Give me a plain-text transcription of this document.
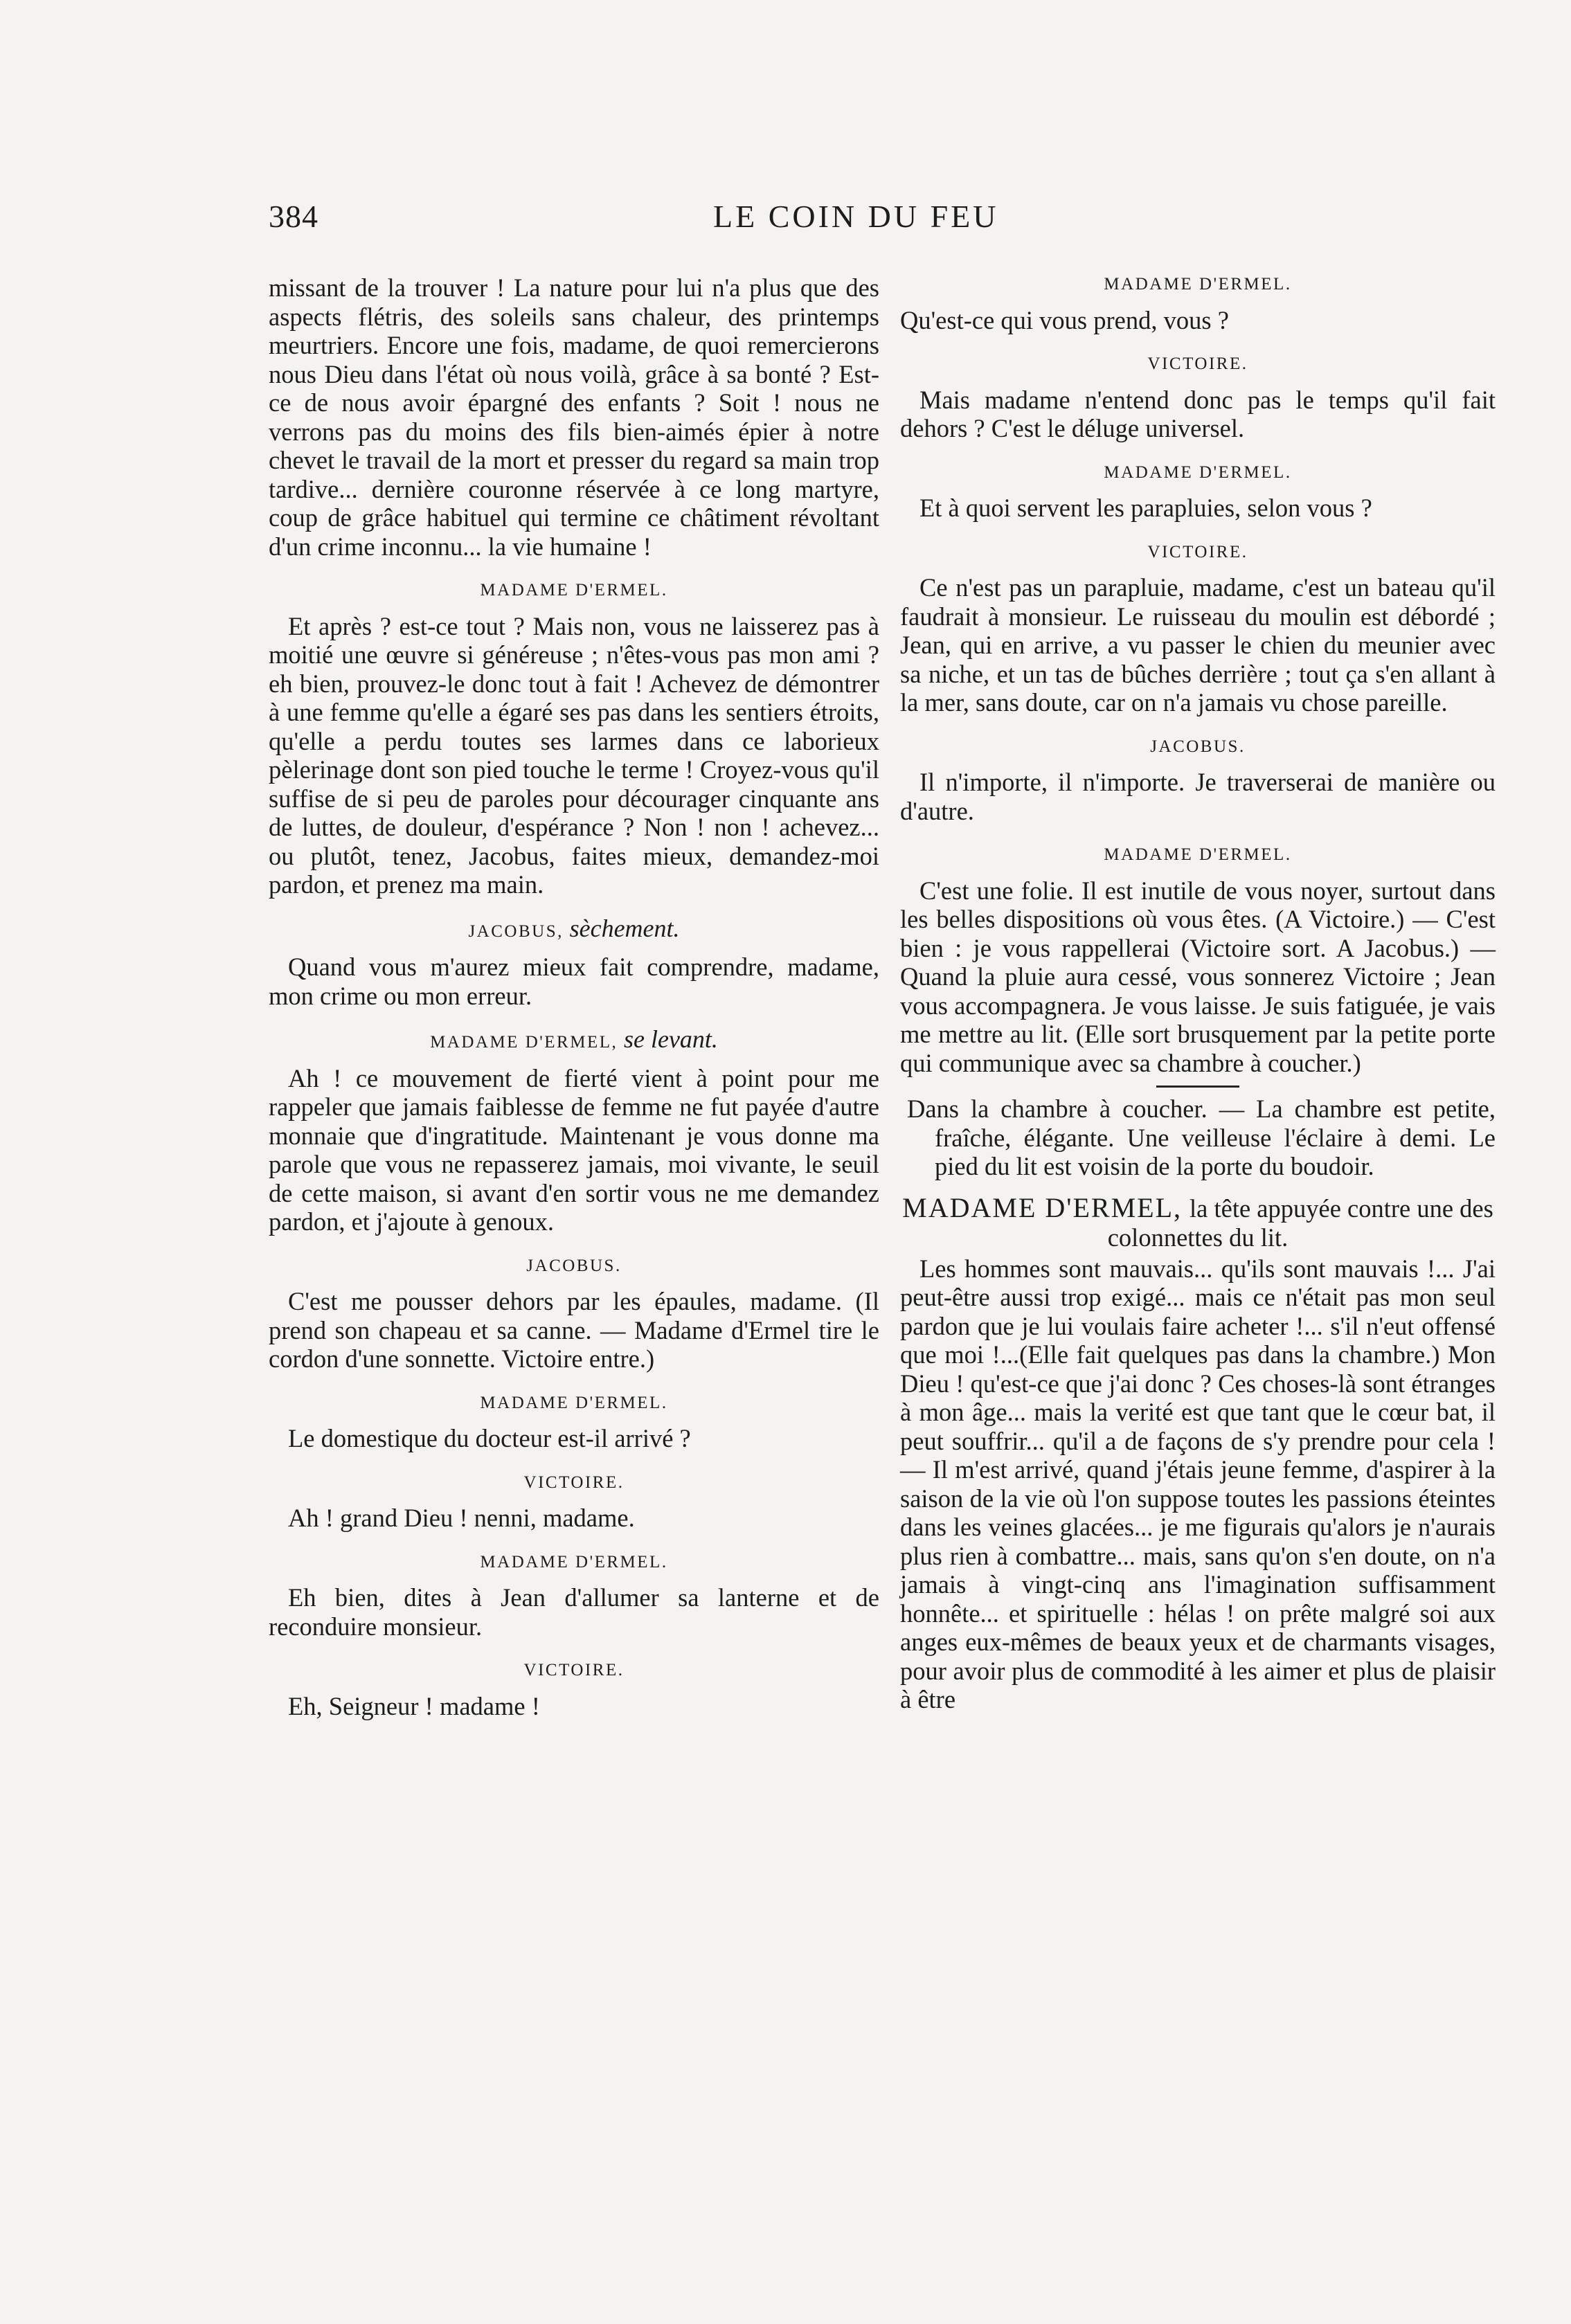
384	LE COIN DU FEU

missant de la trouver ! La nature pour lui n'a plus que des aspects flétris, des soleils sans chaleur, des printemps meurtriers. Encore une fois, madame, de quoi remercierons nous Dieu dans l'état où nous voilà, grâce à sa bonté ? Est-ce de nous avoir épargné des enfants ? Soit ! nous ne verrons pas du moins des fils bien-aimés épier à notre chevet le travail de la mort et presser du regard sa main trop tardive... dernière couronne réservée à ce long martyre, coup de grâce habituel qui termine ce châtiment révoltant d'un crime inconnu... la vie humaine !

MADAME D'ERMEL.

Et après ? est-ce tout ? Mais non, vous ne laisserez pas à moitié une œuvre si généreuse ; n'êtes-vous pas mon ami ? eh bien, prouvez-le donc tout à fait ! Achevez de démontrer à une femme qu'elle a égaré ses pas dans les sentiers étroits, qu'elle a perdu toutes ses larmes dans ce laborieux pèlerinage dont son pied touche le terme ! Croyez-vous qu'il suffise de si peu de paroles pour décourager cinquante ans de luttes, de douleur, d'espérance ? Non ! non ! achevez... ou plutôt, tenez, Jacobus, faites mieux, demandez-moi pardon, et prenez ma main.

JACOBUS, sèchement.

Quand vous m'aurez mieux fait comprendre, madame, mon crime ou mon erreur.

MADAME D'ERMEL, se levant.

Ah ! ce mouvement de fierté vient à point pour me rappeler que jamais faiblesse de femme ne fut payée d'autre monnaie que d'ingratitude. Maintenant je vous donne ma parole que vous ne repasserez jamais, moi vivante, le seuil de cette maison, si avant d'en sortir vous ne me demandez pardon, et j'ajoute à genoux.

JACOBUS.

C'est me pousser dehors par les épaules, madame. (Il prend son chapeau et sa canne. — Madame d'Ermel tire le cordon d'une sonnette. Victoire entre.)

MADAME D'ERMEL.

Le domestique du docteur est-il arrivé ?

VICTOIRE.

Ah ! grand Dieu ! nenni, madame.

MADAME D'ERMEL.

Eh bien, dites à Jean d'allumer sa lanterne et de reconduire monsieur.

VICTOIRE.

Eh, Seigneur ! madame !

MADAME D'ERMEL.

Qu'est-ce qui vous prend, vous ?

VICTOIRE.

Mais madame n'entend donc pas le temps qu'il fait dehors ? C'est le déluge universel.

MADAME D'ERMEL.

Et à quoi servent les parapluies, selon vous ?

VICTOIRE.

Ce n'est pas un parapluie, madame, c'est un bateau qu'il faudrait à monsieur. Le ruisseau du moulin est débordé ; Jean, qui en arrive, a vu passer le chien du meunier avec sa niche, et un tas de bûches derrière ; tout ça s'en allant à la mer, sans doute, car on n'a jamais vu chose pareille.

JACOBUS.

Il n'importe, il n'importe. Je traverserai de manière ou d'autre.

MADAME D'ERMEL.

C'est une folie. Il est inutile de vous noyer, surtout dans les belles dispositions où vous êtes. (A Victoire.) — C'est bien : je vous rappellerai (Victoire sort. A Jacobus.) — Quand la pluie aura cessé, vous sonnerez Victoire ; Jean vous accompagnera. Je vous laisse. Je suis fatiguée, je vais me mettre au lit. (Elle sort brusquement par la petite porte qui communique avec sa chambre à coucher.)

Dans la chambre à coucher. — La chambre est petite, fraîche, élégante. Une veilleuse l'éclaire à demi. Le pied du lit est voisin de la porte du boudoir.

MADAME D'ERMEL, la tête appuyée contre une des colonnettes du lit.

Les hommes sont mauvais... qu'ils sont mauvais !... J'ai peut-être aussi trop exigé... mais ce n'était pas mon seul pardon que je lui voulais faire acheter !... s'il n'eut offensé que moi !...(Elle fait quelques pas dans la chambre.) Mon Dieu ! qu'est-ce que j'ai donc ? Ces choses-là sont étranges à mon âge... mais la verité est que tant que le cœur bat, il peut souffrir... qu'il a de façons de s'y prendre pour cela ! — Il m'est arrivé, quand j'étais jeune femme, d'aspirer à la saison de la vie où l'on suppose toutes les passions éteintes dans les veines glacées... je me figurais qu'alors je n'aurais plus rien à combattre... mais, sans qu'on s'en doute, on n'a jamais à vingt-cinq ans l'imagination suffisamment honnête... et spirituelle : hélas ! on prête malgré soi aux anges eux-mêmes de beaux yeux et de charmants visages, pour avoir plus de commodité à les aimer et plus de plaisir à être
